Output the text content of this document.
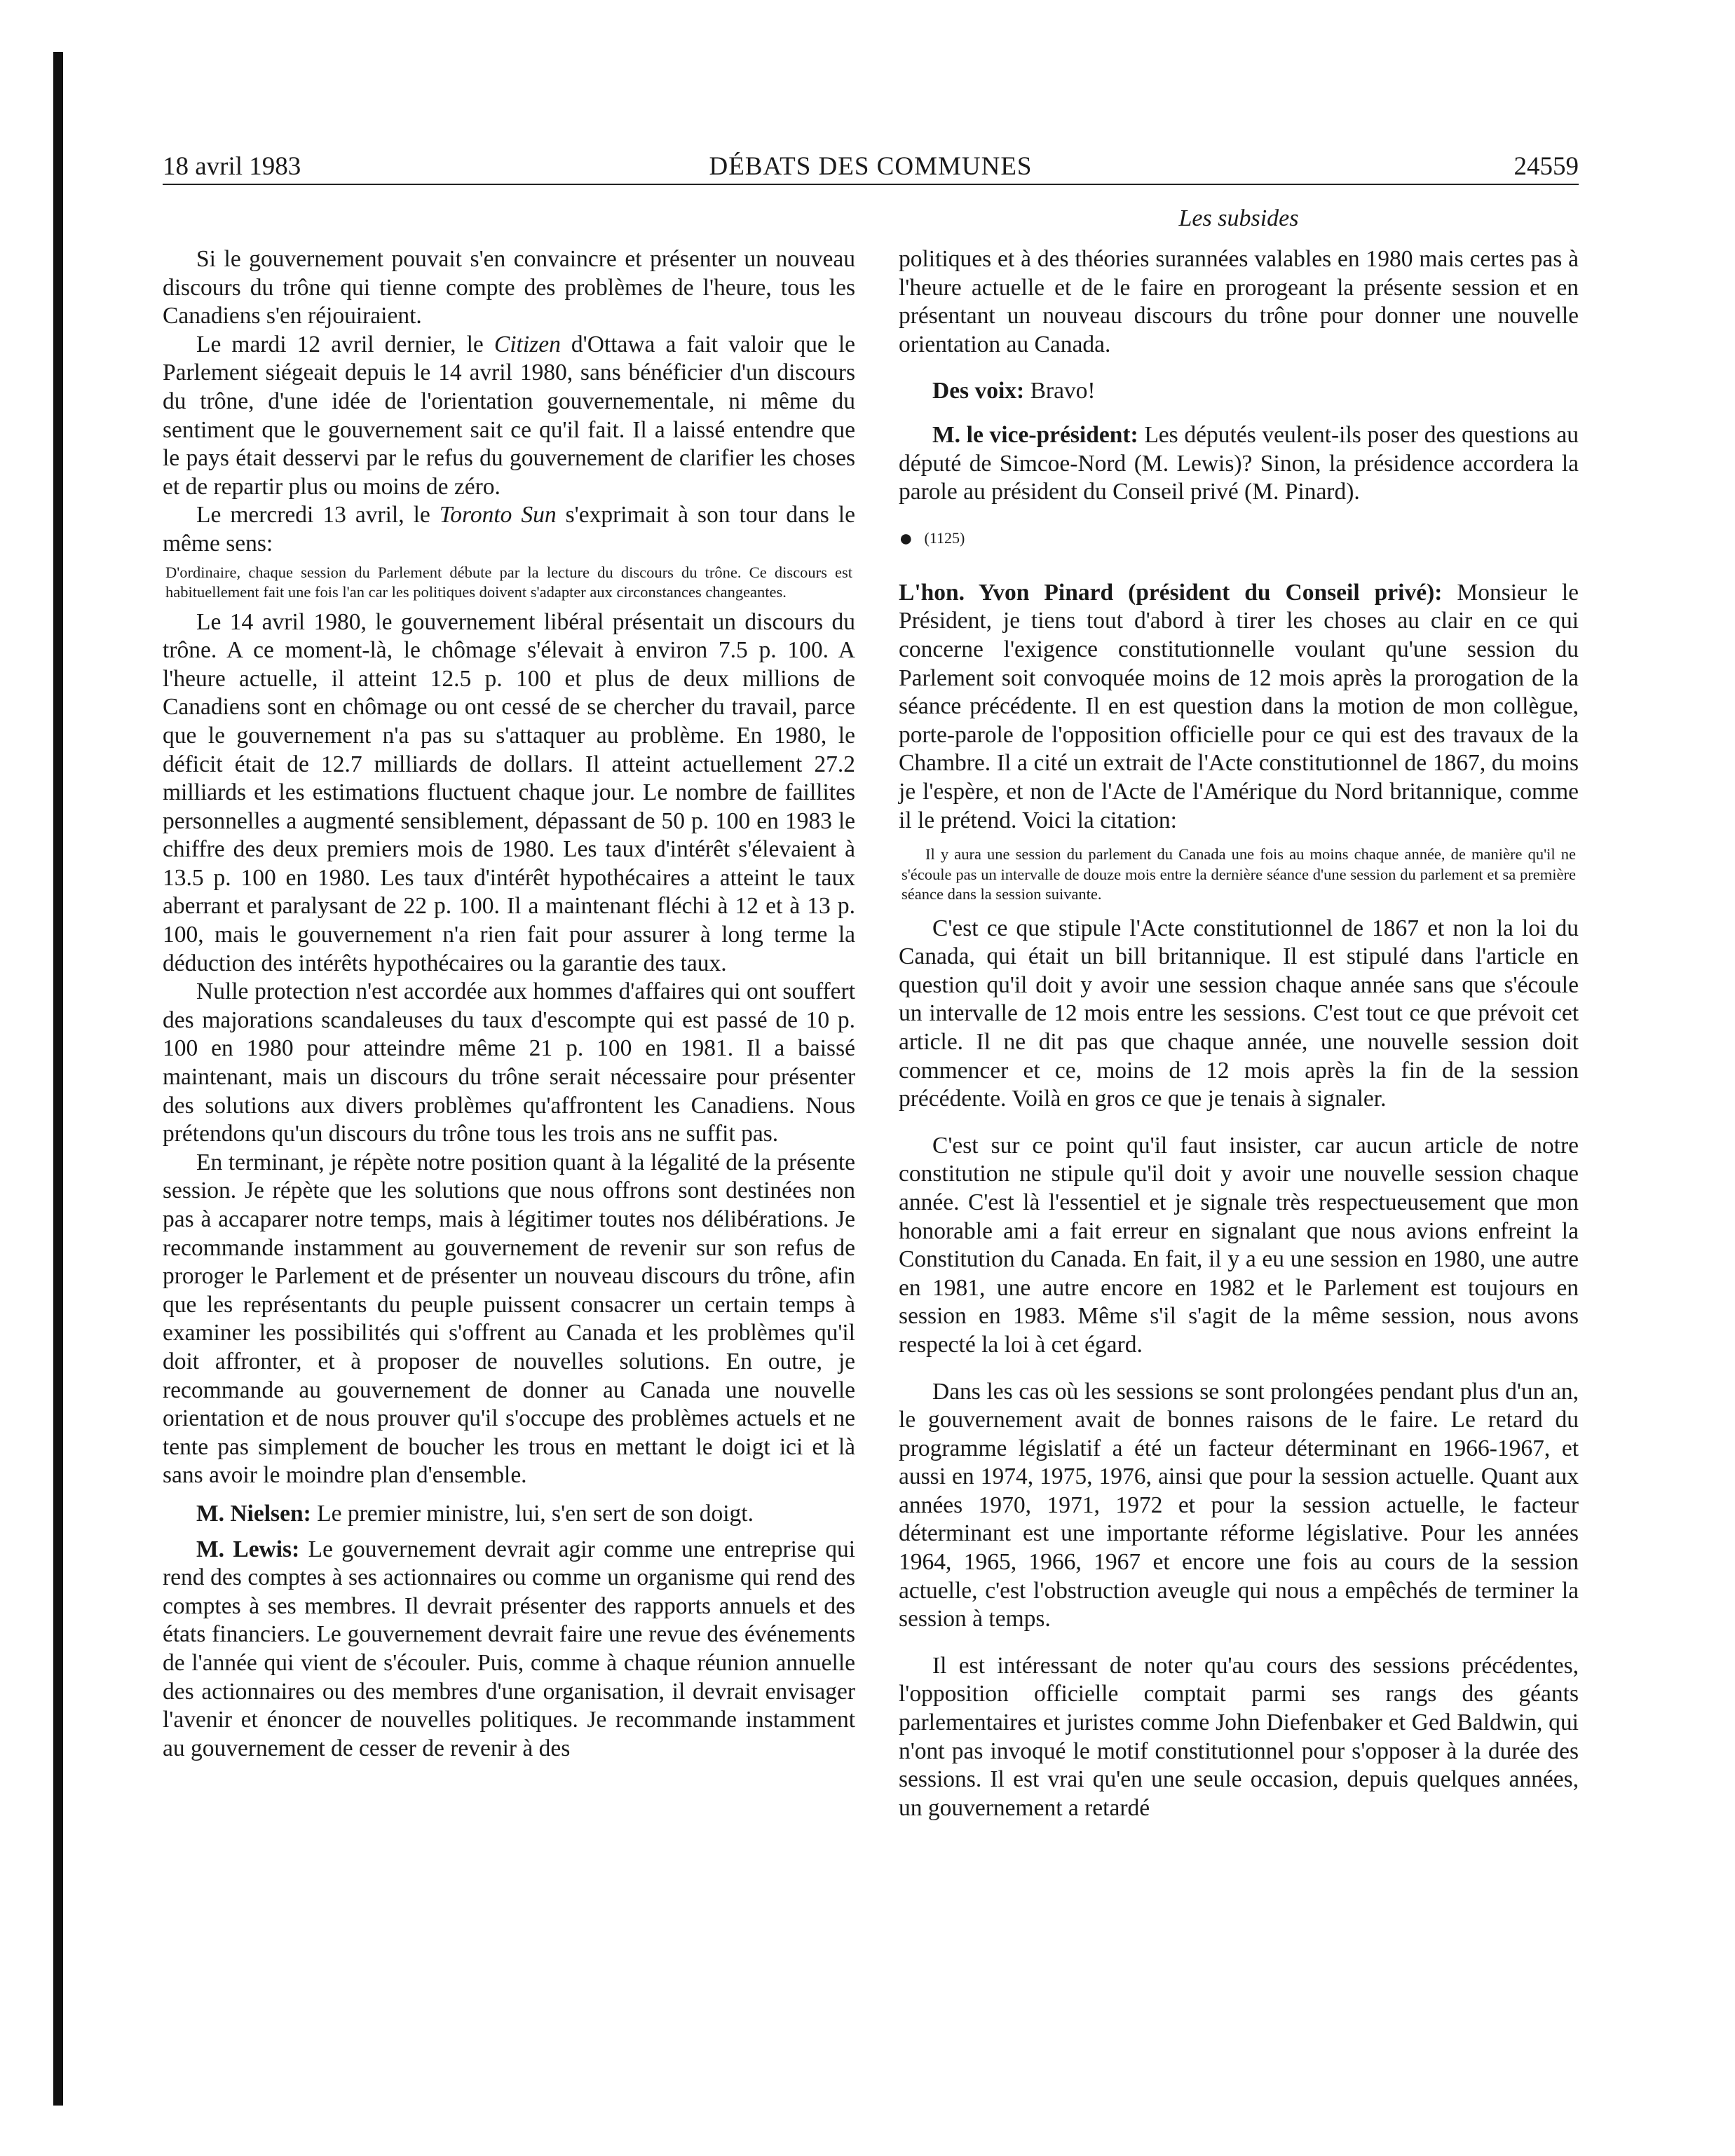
18 avril 1983	DÉBATS DES COMMUNES	24559
Les subsides

Si le gouvernement pouvait s'en convaincre et présenter un nouveau discours du trône qui tienne compte des problèmes de l'heure, tous les Canadiens s'en réjouiraient.

Le mardi 12 avril dernier, le Citizen d'Ottawa a fait valoir que le Parlement siégeait depuis le 14 avril 1980, sans bénéficier d'un discours du trône, d'une idée de l'orientation gouvernementale, ni même du sentiment que le gouvernement sait ce qu'il fait. Il a laissé entendre que le pays était desservi par le refus du gouvernement de clarifier les choses et de repartir plus ou moins de zéro.

Le mercredi 13 avril, le Toronto Sun s'exprimait à son tour dans le même sens:

D'ordinaire, chaque session du Parlement débute par la lecture du discours du trône. Ce discours est habituellement fait une fois l'an car les politiques doivent s'adapter aux circonstances changeantes.

Le 14 avril 1980, le gouvernement libéral présentait un discours du trône. A ce moment-là, le chômage s'élevait à environ 7.5 p. 100. A l'heure actuelle, il atteint 12.5 p. 100 et plus de deux millions de Canadiens sont en chômage ou ont cessé de se chercher du travail, parce que le gouvernement n'a pas su s'attaquer au problème. En 1980, le déficit était de 12.7 milliards de dollars. Il atteint actuellement 27.2 milliards et les estimations fluctuent chaque jour. Le nombre de faillites personnelles a augmenté sensiblement, dépassant de 50 p. 100 en 1983 le chiffre des deux premiers mois de 1980. Les taux d'intérêt s'élevaient à 13.5 p. 100 en 1980. Les taux d'intérêt hypothécaires a atteint le taux aberrant et paralysant de 22 p. 100. Il a maintenant fléchi à 12 et à 13 p. 100, mais le gouvernement n'a rien fait pour assurer à long terme la déduction des intérêts hypothécaires ou la garantie des taux.

Nulle protection n'est accordée aux hommes d'affaires qui ont souffert des majorations scandaleuses du taux d'escompte qui est passé de 10 p. 100 en 1980 pour atteindre même 21 p. 100 en 1981. Il a baissé maintenant, mais un discours du trône serait nécessaire pour présenter des solutions aux divers problèmes qu'affrontent les Canadiens. Nous prétendons qu'un discours du trône tous les trois ans ne suffit pas.

En terminant, je répète notre position quant à la légalité de la présente session. Je répète que les solutions que nous offrons sont destinées non pas à accaparer notre temps, mais à légitimer toutes nos délibérations. Je recommande instamment au gouvernement de revenir sur son refus de proroger le Parlement et de présenter un nouveau discours du trône, afin que les représentants du peuple puissent consacrer un certain temps à examiner les possibilités qui s'offrent au Canada et les problèmes qu'il doit affronter, et à proposer de nouvelles solutions. En outre, je recommande au gouvernement de donner au Canada une nouvelle orientation et de nous prouver qu'il s'occupe des problèmes actuels et ne tente pas simplement de boucher les trous en mettant le doigt ici et là sans avoir le moindre plan d'ensemble.

M. Nielsen: Le premier ministre, lui, s'en sert de son doigt.

M. Lewis: Le gouvernement devrait agir comme une entreprise qui rend des comptes à ses actionnaires ou comme un organisme qui rend des comptes à ses membres. Il devrait présenter des rapports annuels et des états financiers. Le gouvernement devrait faire une revue des événements de l'année qui vient de s'écouler. Puis, comme à chaque réunion annuelle des actionnaires ou des membres d'une organisation, il devrait envisager l'avenir et énoncer de nouvelles politiques. Je recommande instamment au gouvernement de cesser de revenir à des

politiques et à des théories surannées valables en 1980 mais certes pas à l'heure actuelle et de le faire en prorogeant la présente session et en présentant un nouveau discours du trône pour donner une nouvelle orientation au Canada.

Des voix: Bravo!

M. le vice-président: Les députés veulent-ils poser des questions au député de Simcoe-Nord (M. Lewis)? Sinon, la présidence accordera la parole au président du Conseil privé (M. Pinard).

● (1125)

L'hon. Yvon Pinard (président du Conseil privé): Monsieur le Président, je tiens tout d'abord à tirer les choses au clair en ce qui concerne l'exigence constitutionnelle voulant qu'une session du Parlement soit convoquée moins de 12 mois après la prorogation de la séance précédente. Il en est question dans la motion de mon collègue, porte-parole de l'opposition officielle pour ce qui est des travaux de la Chambre. Il a cité un extrait de l'Acte constitutionnel de 1867, du moins je l'espère, et non de l'Acte de l'Amérique du Nord britannique, comme il le prétend. Voici la citation:

Il y aura une session du parlement du Canada une fois au moins chaque année, de manière qu'il ne s'écoule pas un intervalle de douze mois entre la dernière séance d'une session du parlement et sa première séance dans la session suivante.

C'est ce que stipule l'Acte constitutionnel de 1867 et non la loi du Canada, qui était un bill britannique. Il est stipulé dans l'article en question qu'il doit y avoir une session chaque année sans que s'écoule un intervalle de 12 mois entre les sessions. C'est tout ce que prévoit cet article. Il ne dit pas que chaque année, une nouvelle session doit commencer et ce, moins de 12 mois après la fin de la session précédente. Voilà en gros ce que je tenais à signaler.

C'est sur ce point qu'il faut insister, car aucun article de notre constitution ne stipule qu'il doit y avoir une nouvelle session chaque année. C'est là l'essentiel et je signale très respectueusement que mon honorable ami a fait erreur en signalant que nous avions enfreint la Constitution du Canada. En fait, il y a eu une session en 1980, une autre en 1981, une autre encore en 1982 et le Parlement est toujours en session en 1983. Même s'il s'agit de la même session, nous avons respecté la loi à cet égard.

Dans les cas où les sessions se sont prolongées pendant plus d'un an, le gouvernement avait de bonnes raisons de le faire. Le retard du programme législatif a été un facteur déterminant en 1966-1967, et aussi en 1974, 1975, 1976, ainsi que pour la session actuelle. Quant aux années 1970, 1971, 1972 et pour la session actuelle, le facteur déterminant est une importante réforme législative. Pour les années 1964, 1965, 1966, 1967 et encore une fois au cours de la session actuelle, c'est l'obstruction aveugle qui nous a empêchés de terminer la session à temps.

Il est intéressant de noter qu'au cours des sessions précédentes, l'opposition officielle comptait parmi ses rangs des géants parlementaires et juristes comme John Diefenbaker et Ged Baldwin, qui n'ont pas invoqué le motif constitutionnel pour s'opposer à la durée des sessions. Il est vrai qu'en une seule occasion, depuis quelques années, un gouvernement a retardé
